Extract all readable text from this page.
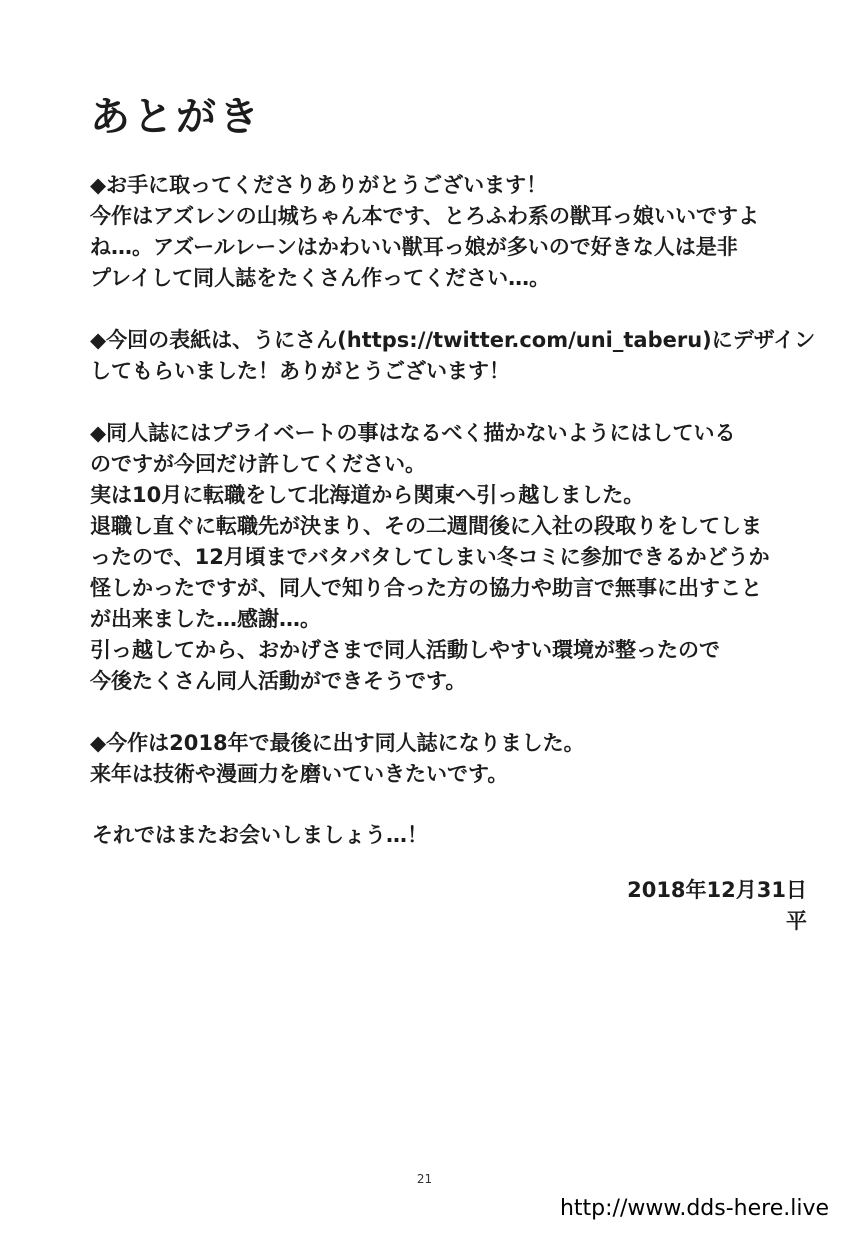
あとがき

◆お手に取ってくださりありがとうございます！
今作はアズレンの山城ちゃん本です、とろふわ系の獣耳っ娘いいですよ
ね…。アズールレーンはかわいい獣耳っ娘が多いので好きな人は是非
プレイして同人誌をたくさん作ってください…。

◆今回の表紙は、うにさん(https://twitter.com/uni_taberu)にデザイン
してもらいました！ありがとうございます！

◆同人誌にはプライベートの事はなるべく描かないようにはしている
のですが今回だけ許してください。
実は10月に転職をして北海道から関東へ引っ越しました。
退職し直ぐに転職先が決まり、その二週間後に入社の段取りをしてしま
ったので、12月頃までバタバタしてしまい冬コミに参加できるかどうか
怪しかったですが、同人で知り合った方の協力や助言で無事に出すこと
が出来ました…感謝…。
引っ越してから、おかげさまで同人活動しやすい環境が整ったので
今後たくさん同人活動ができそうです。

◆今作は2018年で最後に出す同人誌になりました。
来年は技術や漫画力を磨いていきたいです。

それではまたお会いしましょう…！
2018年12月31日
平
21
http://www.dds-here.live
